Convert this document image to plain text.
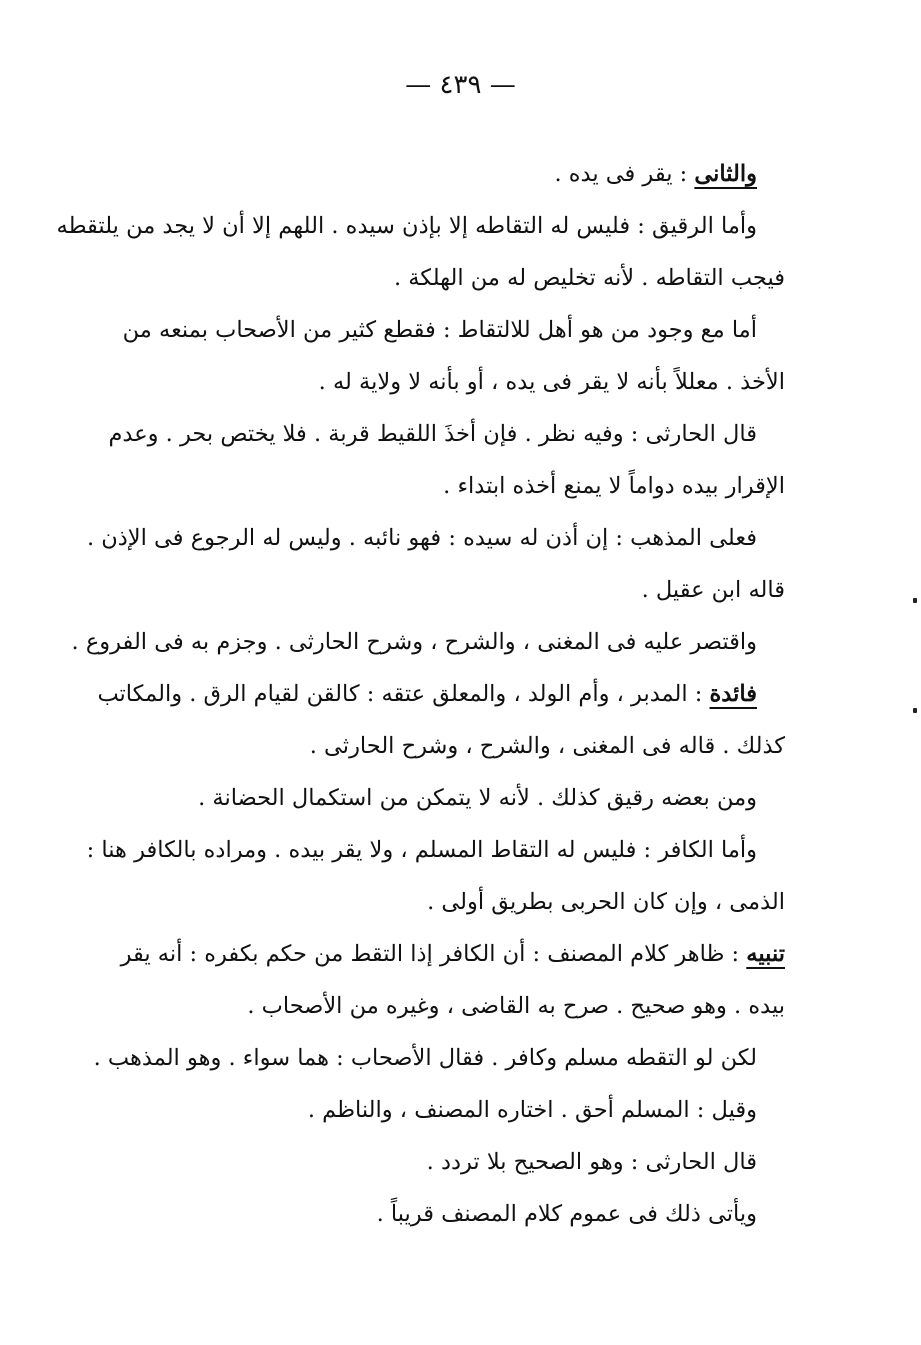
— ٤٣٩ —
والثانى : يقر فى يده .
وأما الرقيق : فليس له التقاطه إلا بإذن سيده . اللهم إلا أن لا يجد من يلتقطه
فيجب التقاطه . لأنه تخليص له من الهلكة .
أما مع وجود من هو أهل للالتقاط : فقطع كثير من الأصحاب بمنعه من
الأخذ . معللاً بأنه لا يقر فى يده ، أو بأنه لا ولاية له .
قال الحارثى : وفيه نظر . فإن أخذَ اللقيط قربة . فلا يختص بحر . وعدم
الإقرار بيده دواماً لا يمنع أخذه ابتداء .
فعلى المذهب : إن أذن له سيده : فهو نائبه . وليس له الرجوع فى الإذن .
قاله ابن عقيل .
واقتصر عليه فى المغنى ، والشرح ، وشرح الحارثى . وجزم به فى الفروع .
فائدة : المدبر ، وأم الولد ، والمعلق عتقه : كالقن لقيام الرق . والمكاتب
كذلك . قاله فى المغنى ، والشرح ، وشرح الحارثى .
ومن بعضه رقيق كذلك . لأنه لا يتمكن من استكمال الحضانة .
وأما الكافر : فليس له التقاط المسلم ، ولا يقر بيده . ومراده بالكافر هنا :
الذمى ، وإن كان الحربى بطريق أولى .
تنبيه : ظاهر كلام المصنف : أن الكافر إذا التقط من حكم بكفره : أنه يقر
بيده . وهو صحيح . صرح به القاضى ، وغيره من الأصحاب .
لكن لو التقطه مسلم وكافر . فقال الأصحاب : هما سواء . وهو المذهب .
وقيل : المسلم أحق . اختاره المصنف ، والناظم .
قال الحارثى : وهو الصحيح بلا تردد .
ويأتى ذلك فى عموم كلام المصنف قريباً .
